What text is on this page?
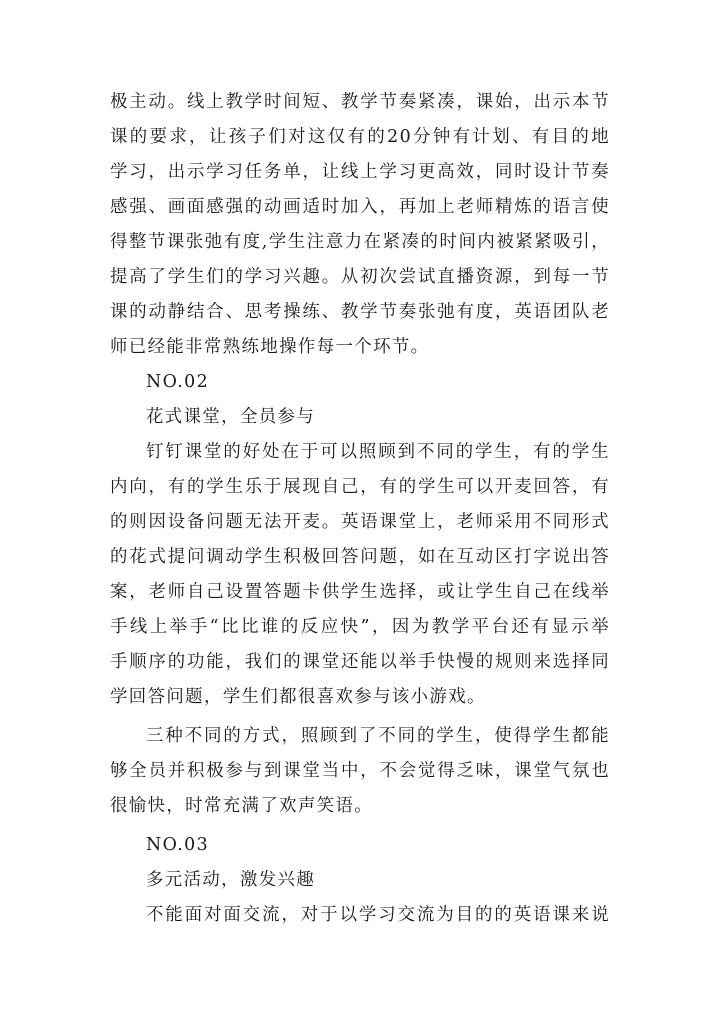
极主动。线上教学时间短、教学节奏紧凑，课始，出示本节
课的要求，让孩子们对这仅有的20分钟有计划、有目的地
学习，出示学习任务单，让线上学习更高效，同时设计节奏
感强、画面感强的动画适时加入，再加上老师精炼的语言使
得整节课张弛有度,学生注意力在紧凑的时间内被紧紧吸引，
提高了学生们的学习兴趣。从初次尝试直播资源，到每一节
课的动静结合、思考操练、教学节奏张弛有度，英语团队老
师已经能非常熟练地操作每一个环节。
NO.02
花式课堂，全员参与
钉钉课堂的好处在于可以照顾到不同的学生，有的学生
内向，有的学生乐于展现自己，有的学生可以开麦回答，有
的则因设备问题无法开麦。英语课堂上，老师采用不同形式
的花式提问调动学生积极回答问题，如在互动区打字说出答
案，老师自己设置答题卡供学生选择，或让学生自己在线举
手线上举手“比比谁的反应快”，因为教学平台还有显示举
手顺序的功能，我们的课堂还能以举手快慢的规则来选择同
学回答问题，学生们都很喜欢参与该小游戏。
三种不同的方式，照顾到了不同的学生，使得学生都能
够全员并积极参与到课堂当中，不会觉得乏味，课堂气氛也
很愉快，时常充满了欢声笑语。
NO.03
多元活动，激发兴趣
不能面对面交流，对于以学习交流为目的的英语课来说
